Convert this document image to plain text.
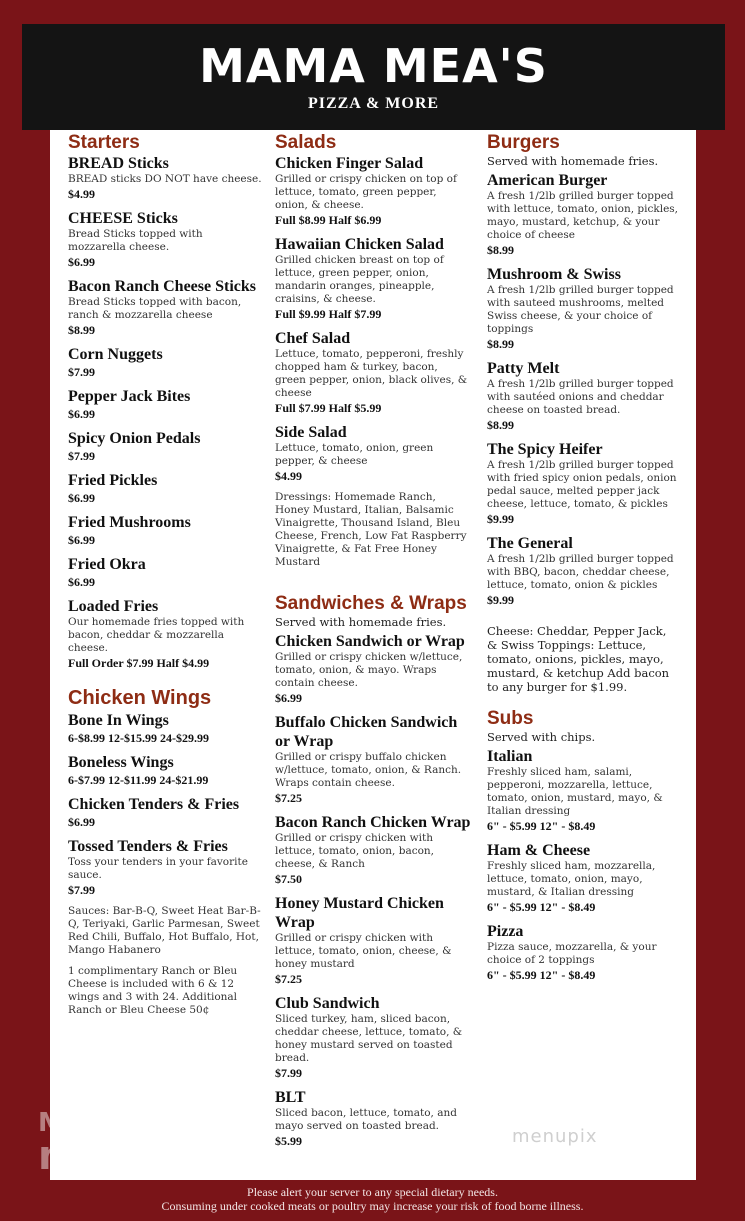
MAMA MEA'S
PIZZA & MORE
Starters
BREAD Sticks
BREAD sticks DO NOT have cheese.
$4.99
CHEESE Sticks
Bread Sticks topped with mozzarella cheese.
$6.99
Bacon Ranch Cheese Sticks
Bread Sticks topped with bacon, ranch & mozzarella cheese
$8.99
Corn Nuggets
$7.99
Pepper Jack Bites
$6.99
Spicy Onion Pedals
$7.99
Fried Pickles
$6.99
Fried Mushrooms
$6.99
Fried Okra
$6.99
Loaded Fries
Our homemade fries topped with bacon, cheddar & mozzarella cheese.
Full Order $7.99 Half $4.99
Chicken Wings
Bone In Wings
6-$8.99 12-$15.99 24-$29.99
Boneless Wings
6-$7.99 12-$11.99 24-$21.99
Chicken Tenders & Fries
$6.99
Tossed Tenders & Fries
Toss your tenders in your favorite sauce.
$7.99
Sauces: Bar-B-Q, Sweet Heat Bar-B-Q, Teriyaki, Garlic Parmesan, Sweet Red Chili, Buffalo, Hot Buffalo, Hot, Mango Habanero
1 complimentary Ranch or Bleu Cheese is included with 6 & 12 wings and 3 with 24. Additional Ranch or Bleu Cheese 50¢
Salads
Chicken Finger Salad
Grilled or crispy chicken on top of lettuce, tomato, green pepper, onion, & cheese.
Full $8.99 Half $6.99
Hawaiian Chicken Salad
Grilled chicken breast on top of lettuce, green pepper, onion, mandarin oranges, pineapple, craisins, & cheese.
Full $9.99 Half $7.99
Chef Salad
Lettuce, tomato, pepperoni, freshly chopped ham & turkey, bacon, green pepper, onion, black olives, & cheese
Full $7.99 Half $5.99
Side Salad
Lettuce, tomato, onion, green pepper, & cheese
$4.99
Dressings: Homemade Ranch, Honey Mustard, Italian, Balsamic Vinaigrette, Thousand Island, Bleu Cheese, French, Low Fat Raspberry Vinaigrette, & Fat Free Honey Mustard
Sandwiches & Wraps
Served with homemade fries.
Chicken Sandwich or Wrap
Grilled or crispy chicken w/lettuce, tomato, onion, & mayo. Wraps contain cheese.
$6.99
Buffalo Chicken Sandwich or Wrap
Grilled or crispy buffalo chicken w/lettuce, tomato, onion, & Ranch. Wraps contain cheese.
$7.25
Bacon Ranch Chicken Wrap
Grilled or crispy chicken with lettuce, tomato, onion, bacon, cheese, & Ranch
$7.50
Honey Mustard Chicken Wrap
Grilled or crispy chicken with lettuce, tomato, onion, cheese, & honey mustard
$7.25
Club Sandwich
Sliced turkey, ham, sliced bacon, cheddar cheese, lettuce, tomato, & honey mustard served on toasted bread.
$7.99
BLT
Sliced bacon, lettuce, tomato, and mayo served on toasted bread.
$5.99
Burgers
Served with homemade fries.
American Burger
A fresh 1/2lb grilled burger topped with lettuce, tomato, onion, pickles, mayo, mustard, ketchup, & your choice of cheese
$8.99
Mushroom & Swiss
A fresh 1/2lb grilled burger topped with sauteed mushrooms, melted Swiss cheese, & your choice of toppings
$8.99
Patty Melt
A fresh 1/2lb grilled burger topped with sautéed onions and cheddar cheese on toasted bread.
$8.99
The Spicy Heifer
A fresh 1/2lb grilled burger topped with fried spicy onion pedals, onion pedal sauce, melted pepper jack cheese, lettuce, tomato, & pickles
$9.99
The General
A fresh 1/2lb grilled burger topped with BBQ, bacon, cheddar cheese, lettuce, tomato, onion & pickles
$9.99
Cheese: Cheddar, Pepper Jack, & Swiss Toppings: Lettuce, tomato, onions, pickles, mayo, mustard, & ketchup Add bacon to any burger for $1.99.
Subs
Served with chips.
Italian
Freshly sliced ham, salami, pepperoni, mozzarella, lettuce, tomato, onion, mustard, mayo, & Italian dressing
6" - $5.99 12" - $8.49
Ham & Cheese
Freshly sliced ham, mozzarella, lettuce, tomato, onion, mayo, mustard, & Italian dressing
6" - $5.99 12" - $8.49
Pizza
Pizza sauce, mozzarella, & your choice of 2 toppings
6" - $5.99 12" - $8.49
MUST HAVE
menus	menupix
Please alert your server to any special dietary needs.
Consuming under cooked meats or poultry may increase your risk of food borne illness.
